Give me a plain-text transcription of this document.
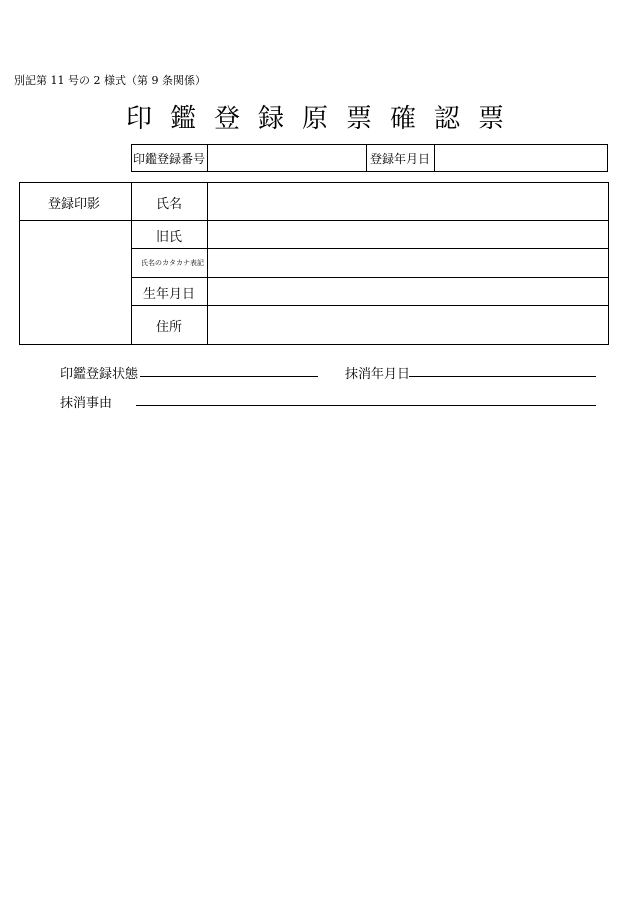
別記第 11 号の 2 様式（第 9 条関係）
印鑑登録原票確認票
印鑑登録番号	登録年月日
登録印影	氏名
旧氏
氏名のカタカナ表記
生年月日
住所
印鑑登録状態	抹消年月日
抹消事由
